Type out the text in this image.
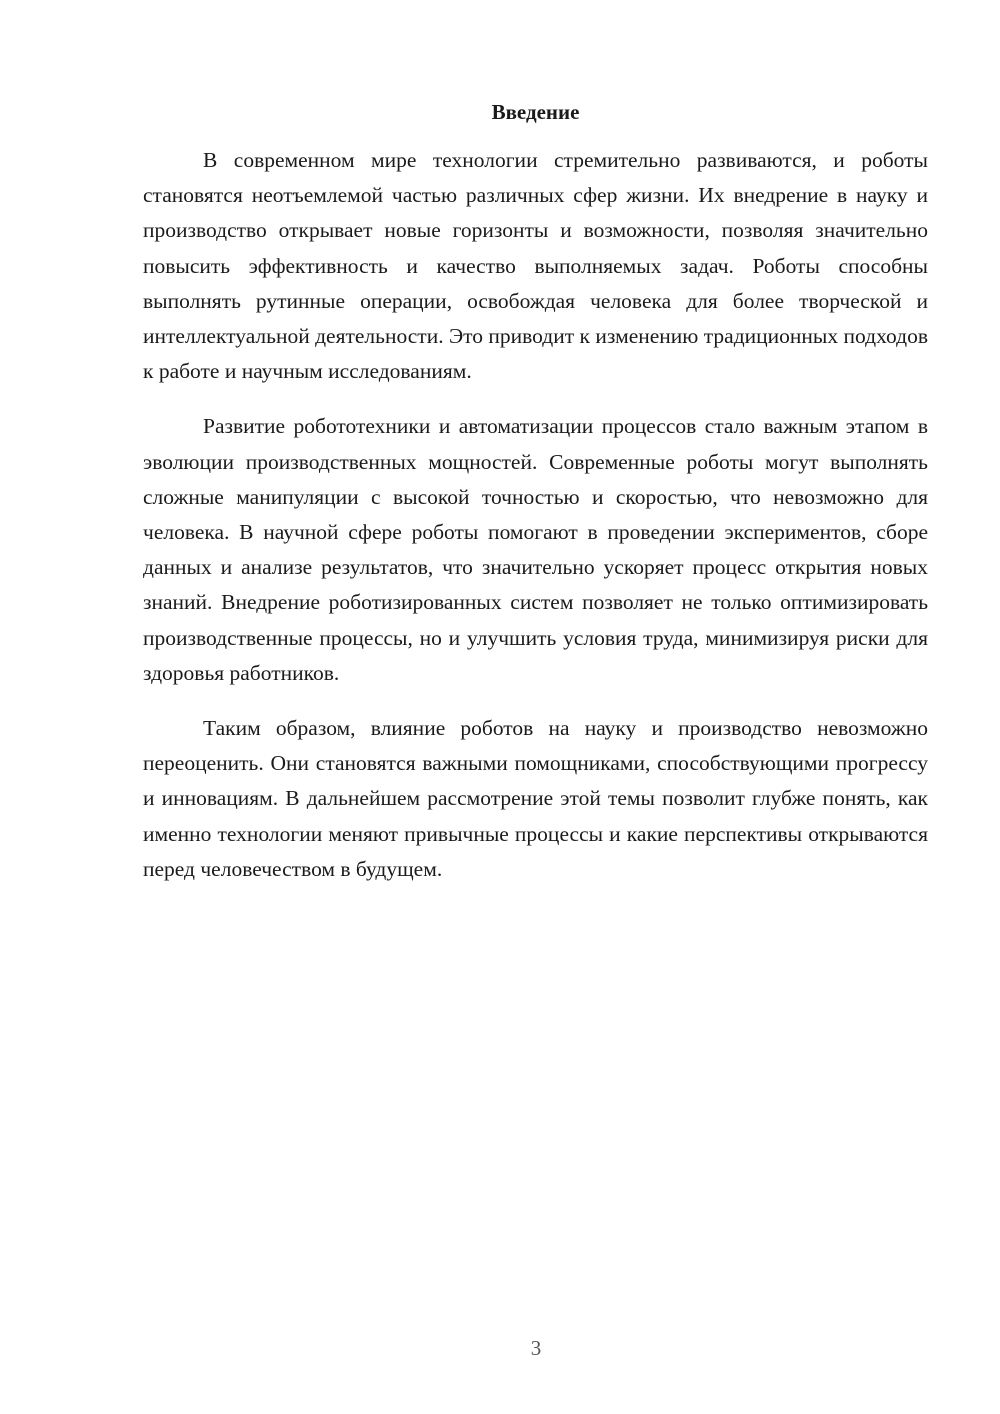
Введение

В современном мире технологии стремительно развиваются, и роботы становятся неотъемлемой частью различных сфер жизни. Их внедрение в науку и производство открывает новые горизонты и возможности, позволяя значительно повысить эффективность и качество выполняемых задач. Роботы способны выполнять рутинные операции, освобождая человека для более творческой и интеллектуальной деятельности. Это приводит к изменению традиционных подходов к работе и научным исследованиям.

Развитие робототехники и автоматизации процессов стало важным этапом в эволюции производственных мощностей. Современные роботы могут выполнять сложные манипуляции с высокой точностью и скоростью, что невозможно для человека. В научной сфере роботы помогают в проведении экспериментов, сборе данных и анализе результатов, что значительно ускоряет процесс открытия новых знаний. Внедрение роботизированных систем позволяет не только оптимизировать производственные процессы, но и улучшить условия труда, минимизируя риски для здоровья работников.

Таким образом, влияние роботов на науку и производство невозможно переоценить. Они становятся важными помощниками, способствующими прогрессу и инновациям. В дальнейшем рассмотрение этой темы позволит глубже понять, как именно технологии меняют привычные процессы и какие перспективы открываются перед человечеством в будущем.

3
